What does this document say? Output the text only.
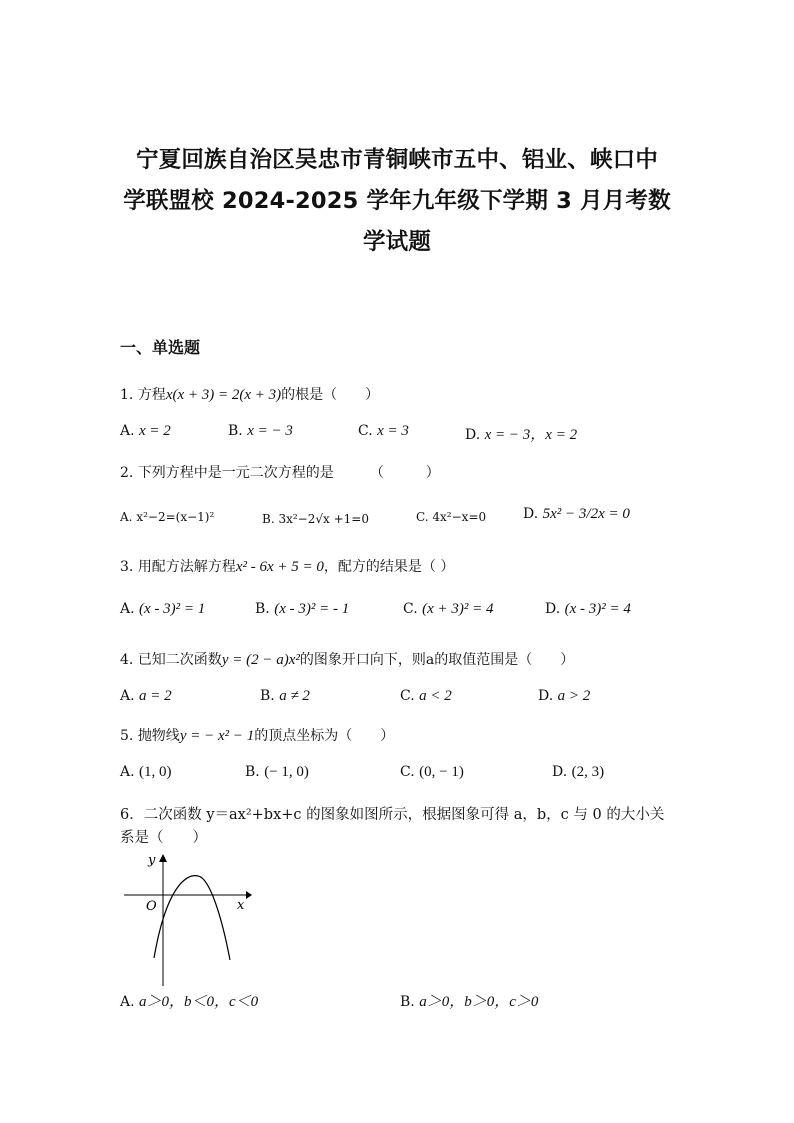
宁夏回族自治区吴忠市青铜峡市五中、铝业、峡口中
学联盟校 2024-2025 学年九年级下学期 3 月月考数
学试题
一、单选题
1. 方程x(x + 3) = 2(x + 3)的根是（　　）
A. x = 2	B. x = − 3	C. x = 3	D. x = − 3，x = 2
2. 下列方程中是一元二次方程的是	（　　　）
A. x²−2=(x−1)²	B. 3x²−2√x +1=0	C. 4x²−x=0	D. 5x² − 3/2x = 0
3. 用配方法解方程x² - 6x + 5 = 0，配方的结果是（ ）
A. (x - 3)² = 1	B. (x - 3)² = - 1	C. (x + 3)² = 4	D. (x - 3)² = 4
4. 已知二次函数y = (2 − a)x²的图象开口向下，则a的取值范围是（　　）
A. a = 2	B. a ≠ 2	C. a < 2	D. a > 2
5. 抛物线y = − x² − 1的顶点坐标为（　　）
A. (1, 0)	B. (− 1, 0)	C. (0, − 1)	D. (2, 3)
6．二次函数 y＝ax²+bx+c 的图象如图所示，根据图象可得 a，b，c 与 0 的大小关
系是（　　）
y
x
O
A. a＞0，b＜0，c＜0	B. a＞0，b＞0，c＞0
